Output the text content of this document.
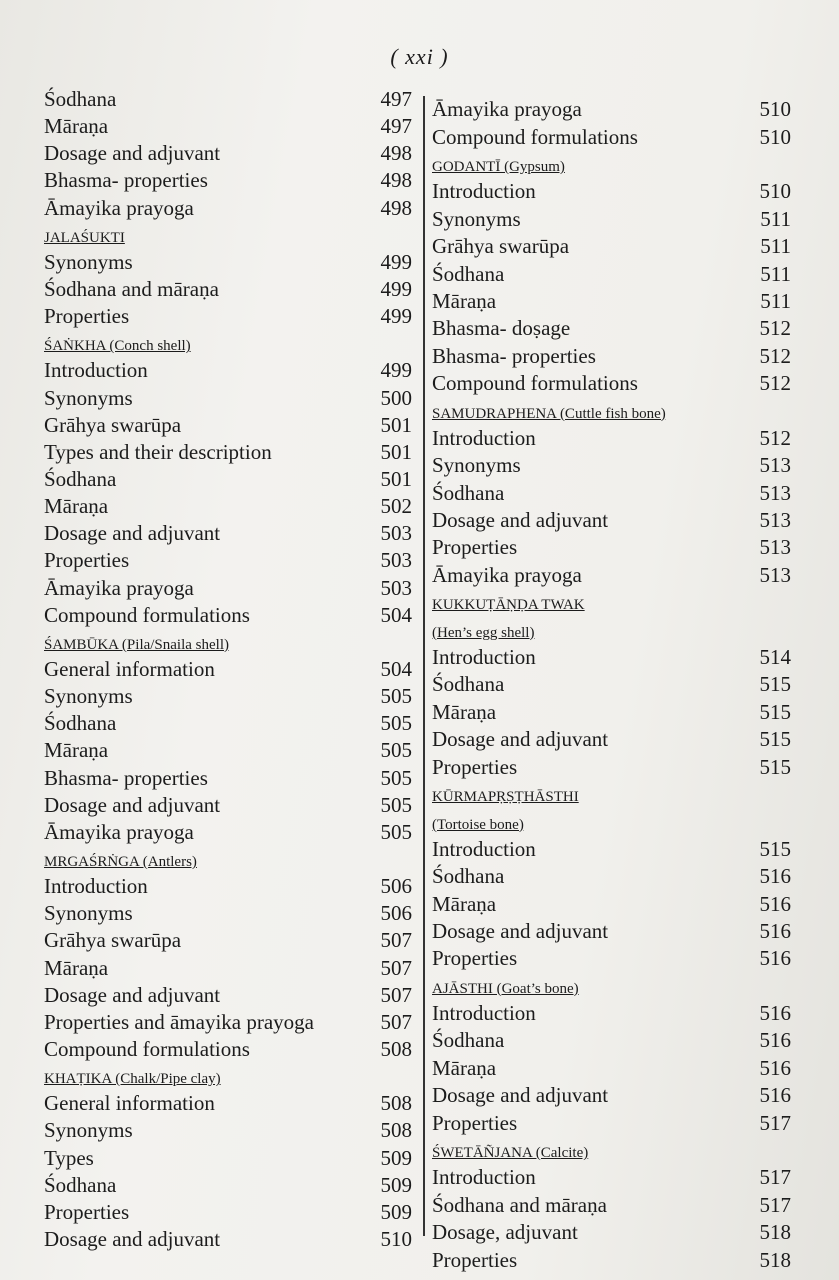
( xxi )
Śodhana	497
Māraṇa	497
Dosage and adjuvant	498
Bhasma- properties	498
Āmayika prayoga	498
JALAŚUKTI
Synonyms	499
Śodhana and māraṇa	499
Properties	499
ŚAṄKHA (Conch shell)
Introduction	499
Synonyms	500
Grāhya swarūpa	501
Types and their description	501
Śodhana	501
Māraṇa	502
Dosage and adjuvant	503
Properties	503
Āmayika prayoga	503
Compound formulations	504
ŚAMBŪKA (Pila/Snaila shell)
General information	504
Synonyms	505
Śodhana	505
Māraṇa	505
Bhasma- properties	505
Dosage and adjuvant	505
Āmayika prayoga	505
MRGAŚRṄGA (Antlers)
Introduction	506
Synonyms	506
Grāhya swarūpa	507
Māraṇa	507
Dosage and adjuvant	507
Properties and āmayika prayoga	507
Compound formulations	508
KHAṬIKA (Chalk/Pipe clay)
General information	508
Synonyms	508
Types	509
Śodhana	509
Properties	509
Dosage and adjuvant	510
Āmayika prayoga	510
Compound formulations	510
GODANTĪ (Gypsum)
Introduction	510
Synonyms	511
Grāhya swarūpa	511
Śodhana	511
Māraṇa	511
Bhasma- doṣage	512
Bhasma- properties	512
Compound formulations	512
SAMUDRAPHENA (Cuttle fish bone)
Introduction	512
Synonyms	513
Śodhana	513
Dosage and adjuvant	513
Properties	513
Āmayika prayoga	513
KUKKUṬĀṆḌA TWAK
(Hen’s egg shell)
Introduction	514
Śodhana	515
Māraṇa	515
Dosage and adjuvant	515
Properties	515
KŪRMAPṚṢṬHĀSTHI
(Tortoise bone)
Introduction	515
Śodhana	516
Māraṇa	516
Dosage and adjuvant	516
Properties	516
AJĀSTHI (Goat’s bone)
Introduction	516
Śodhana	516
Māraṇa	516
Dosage and adjuvant	516
Properties	517
ŚWETĀÑJANA (Calcite)
Introduction	517
Śodhana and māraṇa	517
Dosage, adjuvant	518
Properties	518
